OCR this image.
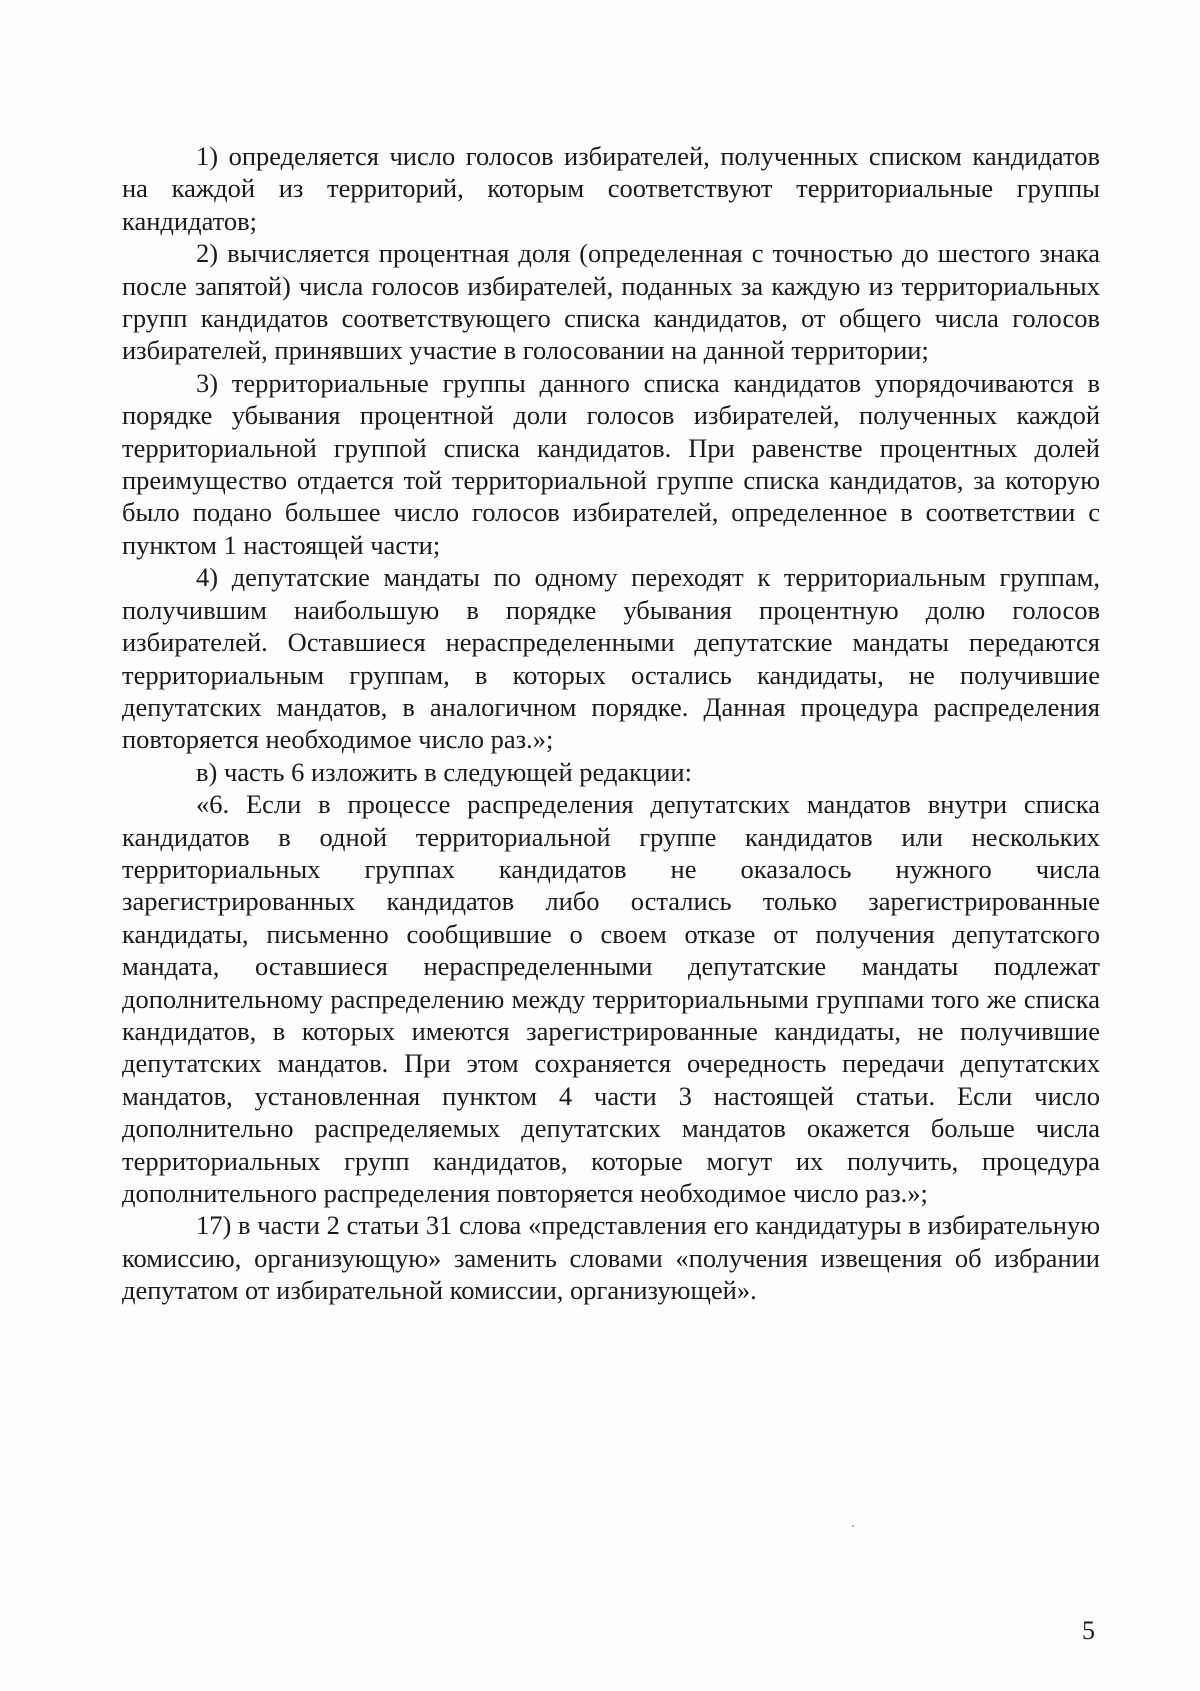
1) определяется число голосов избирателей, полученных списком кандидатов на каждой из территорий, которым соответствуют территориальные группы кандидатов;

2) вычисляется процентная доля (определенная с точностью до шестого знака после запятой) числа голосов избирателей, поданных за каждую из территориальных групп кандидатов соответствующего списка кандидатов, от общего числа голосов избирателей, принявших участие в голосовании на данной территории;

3) территориальные группы данного списка кандидатов упорядочиваются в порядке убывания процентной доли голосов избирателей, полученных каждой территориальной группой списка кандидатов. При равенстве процентных долей преимущество отдается той территориальной группе списка кандидатов, за которую было подано большее число голосов избирателей, определенное в соответствии с пунктом 1 настоящей части;

4) депутатские мандаты по одному переходят к территориальным группам, получившим наибольшую в порядке убывания процентную долю голосов избирателей. Оставшиеся нераспределенными депутатские мандаты передаются территориальным группам, в которых остались кандидаты, не получившие депутатских мандатов, в аналогичном порядке. Данная процедура распределения повторяется необходимое число раз.»;

в) часть 6 изложить в следующей редакции:

«6. Если в процессе распределения депутатских мандатов внутри списка кандидатов в одной территориальной группе кандидатов или нескольких территориальных группах кандидатов не оказалось нужного числа зарегистрированных кандидатов либо остались только зарегистрированные кандидаты, письменно сообщившие о своем отказе от получения депутатского мандата, оставшиеся нераспределенными депутатские мандаты подлежат дополнительному распределению между территориальными группами того же списка кандидатов, в которых имеются зарегистрированные кандидаты, не получившие депутатских мандатов. При этом сохраняется очередность передачи депутатских мандатов, установленная пунктом 4 части 3 настоящей статьи. Если число дополнительно распределяемых депутатских мандатов окажется больше числа территориальных групп кандидатов, которые могут их получить, процедура дополнительного распределения повторяется необходимое число раз.»;

17) в части 2 статьи 31 слова «представления его кандидатуры в избирательную комиссию, организующую» заменить словами «получения извещения об избрании депутатом от избирательной комиссии, организующей».

5
